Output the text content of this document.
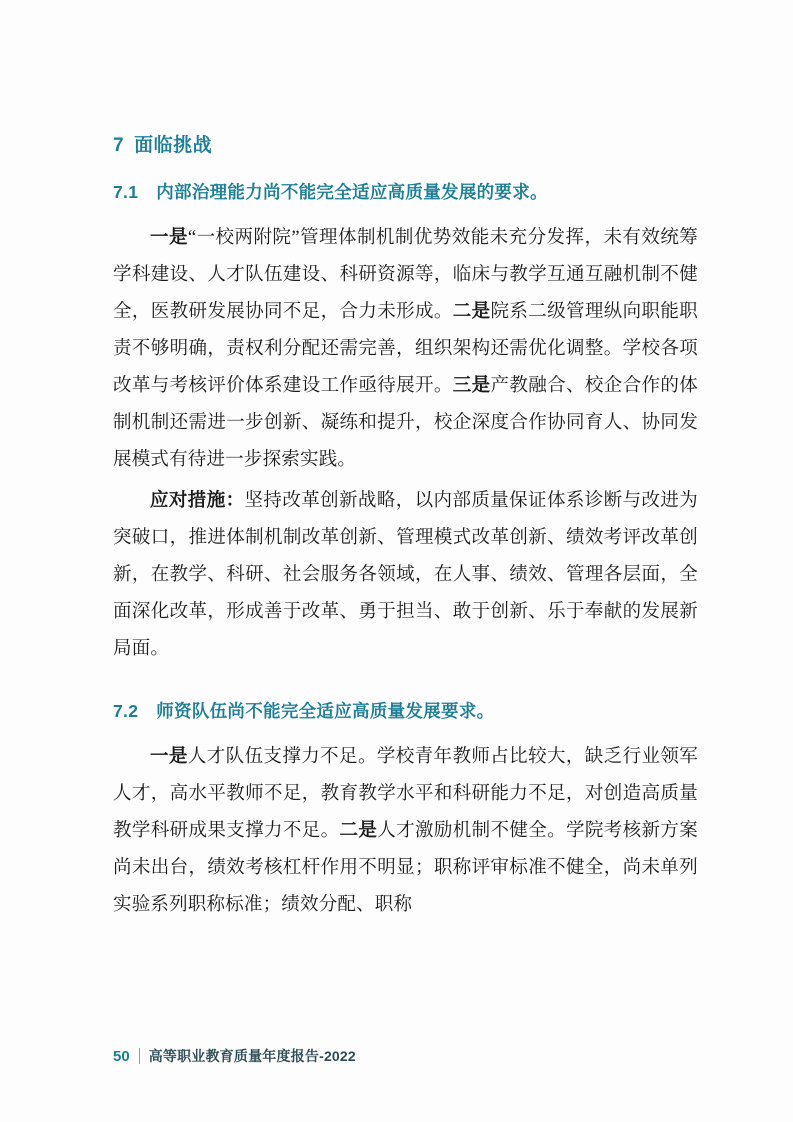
7 面临挑战
7.1 内部治理能力尚不能完全适应高质量发展的要求。

一是“一校两附院”管理体制机制优势效能未充分发挥，未有效统筹学科建设、人才队伍建设、科研资源等，临床与教学互通互融机制不健全，医教研发展协同不足，合力未形成。二是院系二级管理纵向职能职责不够明确，责权利分配还需完善，组织架构还需优化调整。学校各项改革与考核评价体系建设工作亟待展开。三是产教融合、校企合作的体制机制还需进一步创新、凝练和提升，校企深度合作协同育人、协同发展模式有待进一步探索实践。

应对措施：坚持改革创新战略，以内部质量保证体系诊断与改进为突破口，推进体制机制改革创新、管理模式改革创新、绩效考评改革创新，在教学、科研、社会服务各领域，在人事、绩效、管理各层面，全面深化改革，形成善于改革、勇于担当、敢于创新、乐于奉献的发展新局面。

7.2 师资队伍尚不能完全适应高质量发展要求。

一是人才队伍支撑力不足。学校青年教师占比较大，缺乏行业领军人才，高水平教师不足，教育教学水平和科研能力不足，对创造高质量教学科研成果支撑力不足。二是人才激励机制不健全。学院考核新方案尚未出台，绩效考核杠杆作用不明显；职称评审标准不健全，尚未单列实验系列职称标准；绩效分配、职称

50 高等职业教育质量年度报告-2022
